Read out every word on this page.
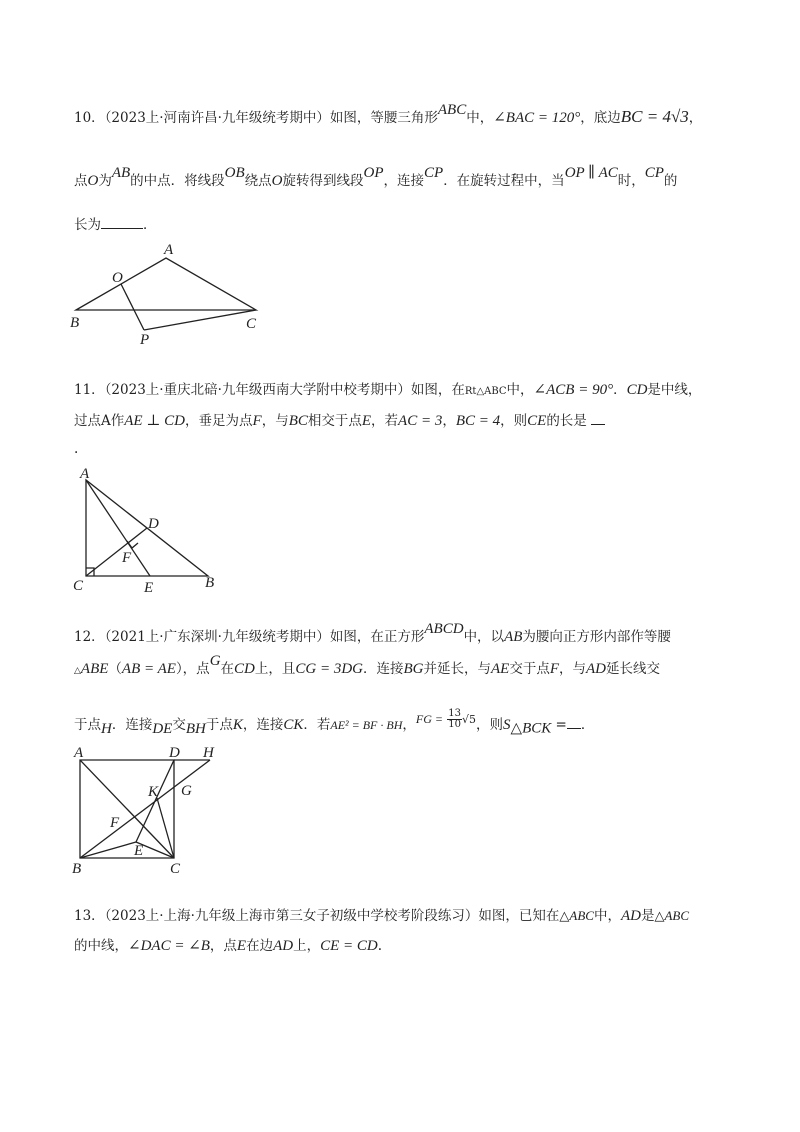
10．（2023上·河南许昌·九年级统考期中）如图，等腰三角形ABC中，∠BAC = 120°，底边BC = 4√3，
点O为AB的中点．将线段OB绕点O旋转得到线段OP，连接CP．在旋转过程中，当OP ∥ AC时，CP的
长为	．
A
O
B	C
P
11．（2023上·重庆北碚·九年级西南大学附中校考期中）如图，在Rt△ABC中，∠ACB = 90°．CD是中线，
过点A作AE ⊥ CD，垂足为点F，与BC相交于点E，若AC = 3，BC = 4，则CE的长是
.
A
D
F
C	E	B
12．（2021上·广东深圳·九年级统考期中）如图，在正方形ABCD中，以AB为腰向正方形内部作等腰
△ABE（AB = AE），点G在CD上，且CG = 3DG．连接BG并延长，与AE交于点F，与AD延长线交
于点H．连接DE交BH于点K，连接CK．若AE² = BF · BH，FG = $\frac{13}{10} ^{√5}$，则$S_{\triangle BCK}$ = ．
A	D H
K G
F
E
B	C
13．（2023上·上海·九年级上海市第三女子初级中学校考阶段练习）如图，已知在△ABC中，AD是△ABC
的中线，∠DAC = ∠B，点E在边AD上，CE = CD.
